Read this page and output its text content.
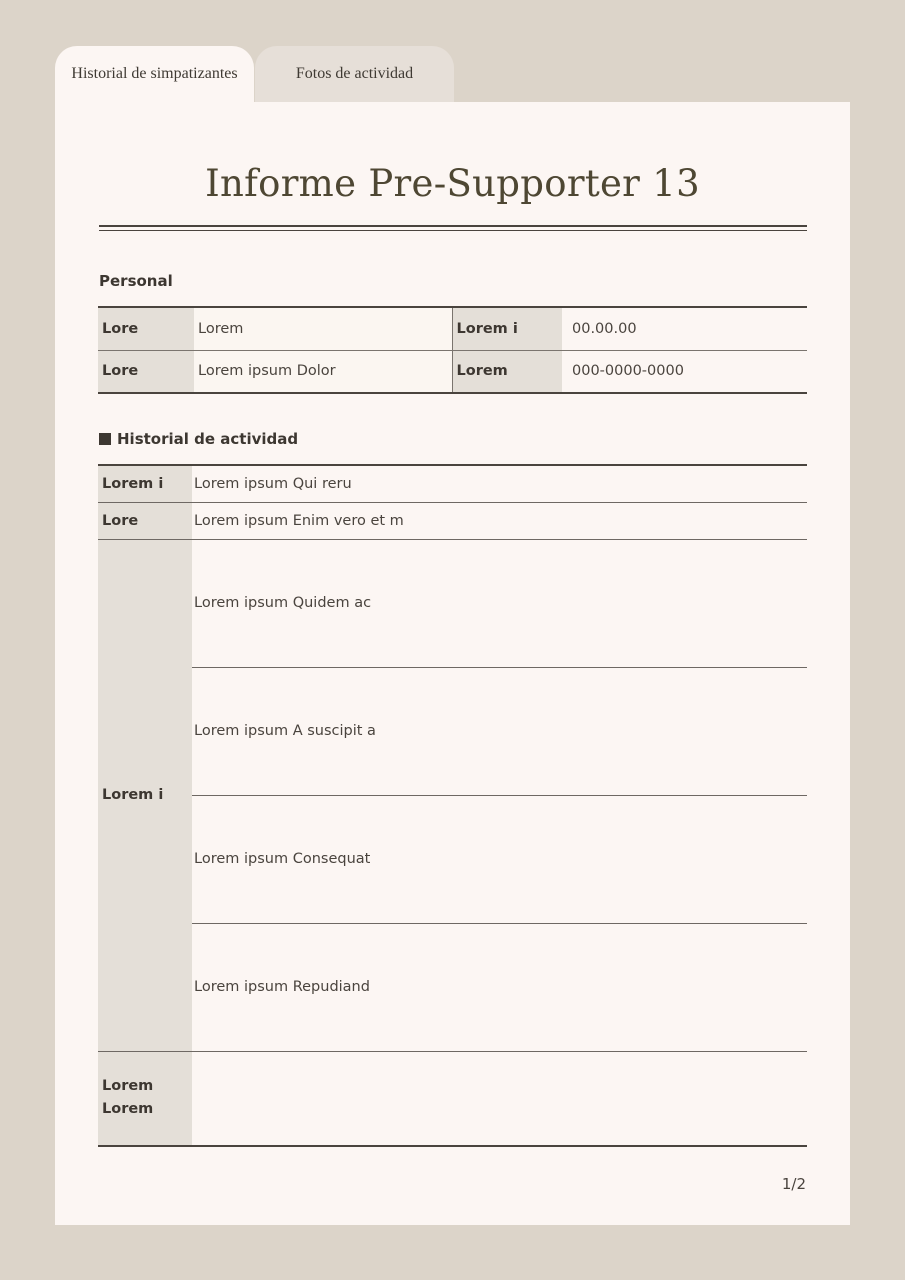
Historial de simpatizantes	Fotos de actividad
Informe Pre-Supporter 13
Personal
Lore	Lorem	Lorem i	00.00.00
Lore	Lorem ipsum Dolor	Lorem	000-0000-0000
Historial de actividad
Lorem i	Lorem ipsum Qui reru
Lore	Lorem ipsum Enim vero et m
Lorem i	Lorem ipsum Quidem ac
	Lorem ipsum A suscipit a
	Lorem ipsum Consequat
	Lorem ipsum Repudiand
Lorem
Lorem	
1/2
